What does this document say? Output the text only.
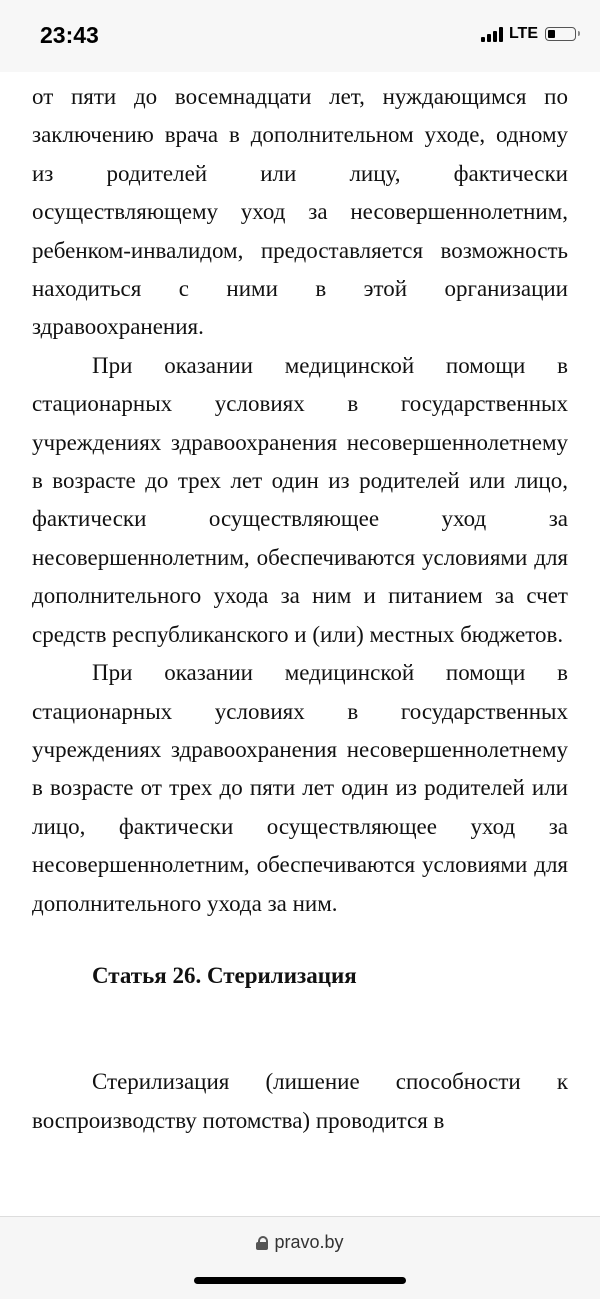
23:43	LTE

от пяти до восемнадцати лет, нуждающимся по заключению врача в дополнительном уходе, одному из родителей или лицу, фактически осуществляющему уход за несовершеннолетним, ребенком-инвалидом, предоставляется возможность находиться с ними в этой организации здравоохранения.

При оказании медицинской помощи в стационарных условиях в государственных учреждениях здравоохранения несовершеннолетнему в возрасте до трех лет один из родителей или лицо, фактически осуществляющее уход за несовершеннолетним, обеспечиваются условиями для дополнительного ухода за ним и питанием за счет средств республиканского и (или) местных бюджетов.

При оказании медицинской помощи в стационарных условиях в государственных учреждениях здравоохранения несовершеннолетнему в возрасте от трех до пяти лет один из родителей или лицо, фактически осуществляющее уход за несовершеннолетним, обеспечиваются условиями для дополнительного ухода за ним.

Статья 26. Стерилизация

Стерилизация (лишение способности к воспроизводству потомства) проводится в

pravo.by
